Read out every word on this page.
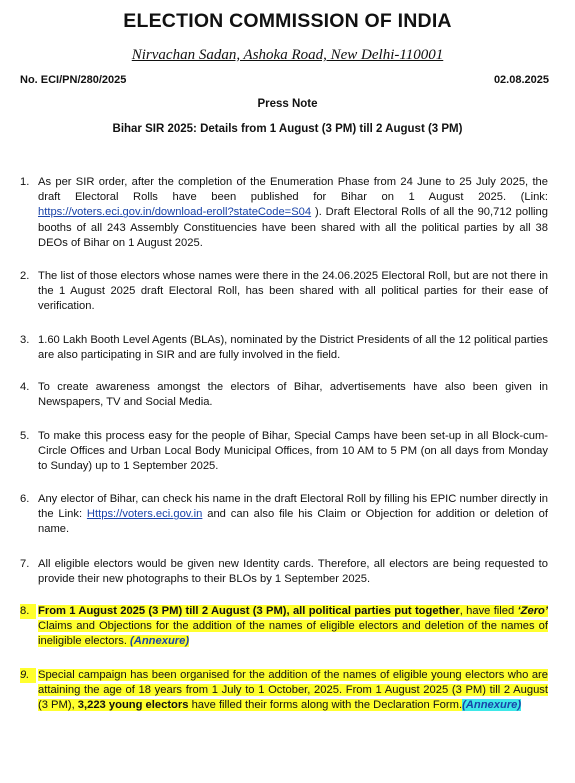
ELECTION COMMISSION OF INDIA
Nirvachan Sadan, Ashoka Road, New Delhi-110001
No. ECI/PN/280/2025	02.08.2025
Press Note
Bihar SIR 2025: Details from 1 August (3 PM) till 2 August (3 PM)
1. As per SIR order, after the completion of the Enumeration Phase from 24 June to 25 July 2025, the draft Electoral Rolls have been published for Bihar on 1 August 2025. (Link: https://voters.eci.gov.in/download-eroll?stateCode=S04 ). Draft Electoral Rolls of all the 90,712 polling booths of all 243 Assembly Constituencies have been shared with all the political parties by all 38 DEOs of Bihar on 1 August 2025.
2. The list of those electors whose names were there in the 24.06.2025 Electoral Roll, but are not there in the 1 August 2025 draft Electoral Roll, has been shared with all political parties for their ease of verification.
3. 1.60 Lakh Booth Level Agents (BLAs), nominated by the District Presidents of all the 12 political parties are also participating in SIR and are fully involved in the field.
4. To create awareness amongst the electors of Bihar, advertisements have also been given in Newspapers, TV and Social Media.
5. To make this process easy for the people of Bihar, Special Camps have been set-up in all Block-cum-Circle Offices and Urban Local Body Municipal Offices, from 10 AM to 5 PM (on all days from Monday to Sunday) up to 1 September 2025.
6. Any elector of Bihar, can check his name in the draft Electoral Roll by filling his EPIC number directly in the Link: Https://voters.eci.gov.in and can also file his Claim or Objection for addition or deletion of name.
7. All eligible electors would be given new Identity cards. Therefore, all electors are being requested to provide their new photographs to their BLOs by 1 September 2025.
8. From 1 August 2025 (3 PM) till 2 August (3 PM), all political parties put together, have filed ‘Zero’ Claims and Objections for the addition of the names of eligible electors and deletion of the names of ineligible electors. (Annexure)
9. Special campaign has been organised for the addition of the names of eligible young electors who are attaining the age of 18 years from 1 July to 1 October, 2025. From 1 August 2025 (3 PM) till 2 August (3 PM), 3,223 young electors have filled their forms along with the Declaration Form.(Annexure)
